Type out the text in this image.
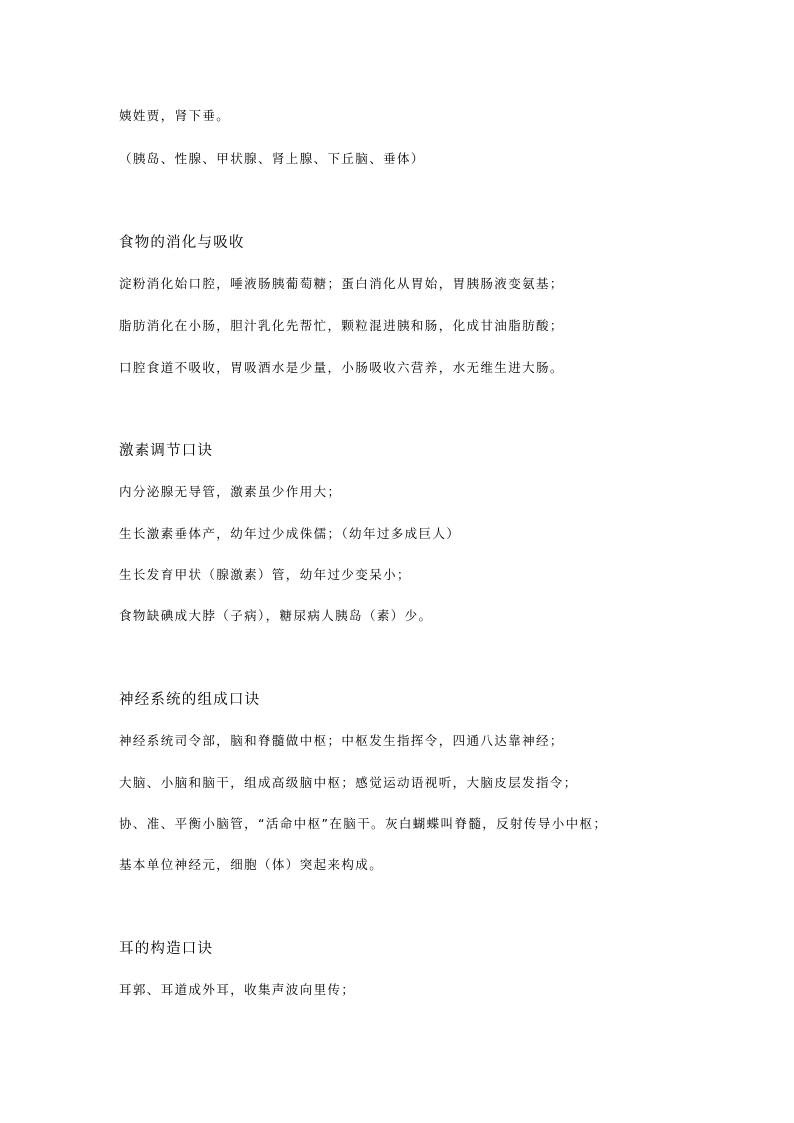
姨姓贾，肾下垂。
（胰岛、性腺、甲状腺、肾上腺、下丘脑、垂体）
食物的消化与吸收
淀粉消化始口腔，唾液肠胰葡萄糖；蛋白消化从胃始，胃胰肠液变氨基；
脂肪消化在小肠，胆汁乳化先帮忙，颗粒混进胰和肠，化成甘油脂肪酸；
口腔食道不吸收，胃吸酒水是少量，小肠吸收六营养，水无维生进大肠。
激素调节口诀
内分泌腺无导管，激素虽少作用大；
生长激素垂体产，幼年过少成侏儒；（幼年过多成巨人）
生长发育甲状（腺激素）管，幼年过少变呆小；
食物缺碘成大脖（子病），糖尿病人胰岛（素）少。
神经系统的组成口诀
神经系统司令部，脑和脊髓做中枢；中枢发生指挥令，四通八达靠神经；
大脑、小脑和脑干，组成高级脑中枢；感觉运动语视听，大脑皮层发指令；
协、准、平衡小脑管，“活命中枢”在脑干。灰白蝴蝶叫脊髓，反射传导小中枢；
基本单位神经元，细胞（体）突起来构成。
耳的构造口诀
耳郭、耳道成外耳，收集声波向里传；
